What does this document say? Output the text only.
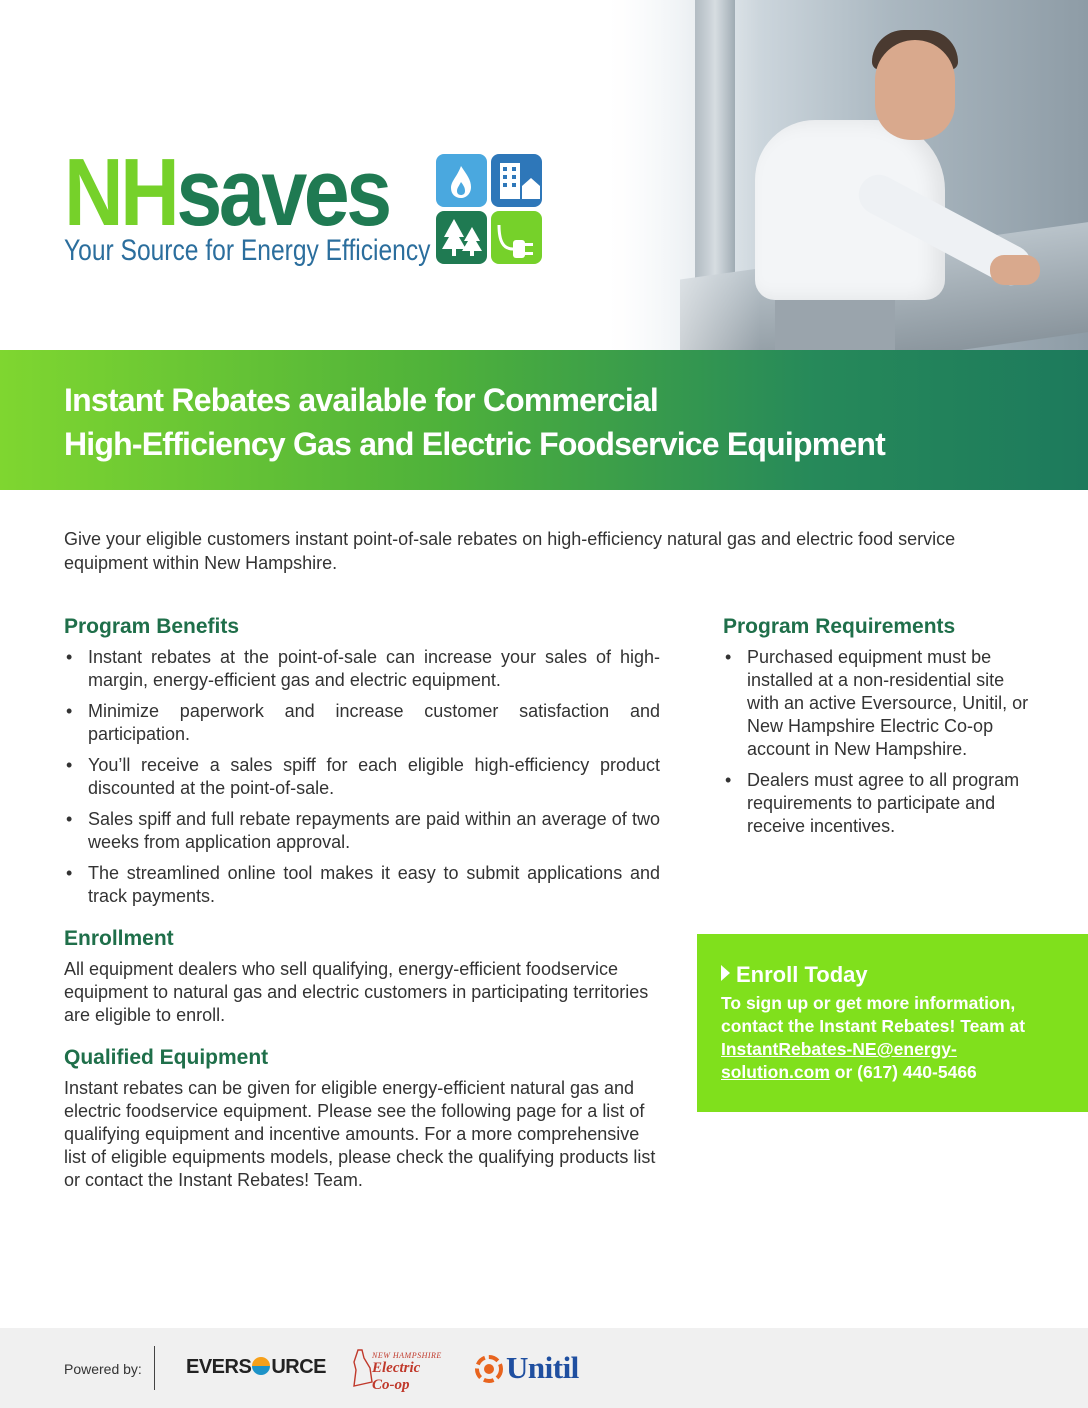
NHsaves
Your Source for Energy Efficiency
Instant Rebates available for Commercial
High-Efficiency Gas and Electric Foodservice Equipment
Give your eligible customers instant point-of-sale rebates on high-efficiency natural gas and electric food service equipment within New Hampshire.
Program Benefits
• Instant rebates at the point-of-sale can increase your sales of high-margin, energy-efficient gas and electric equipment.
• Minimize paperwork and increase customer satisfaction and participation.
• You’ll receive a sales spiff for each eligible high-efficiency product discounted at the point-of-sale.
• Sales spiff and full rebate repayments are paid within an average of two weeks from application approval.
• The streamlined online tool makes it easy to submit applications and track payments.
Enrollment

All equipment dealers who sell qualifying, energy-efficient foodservice equipment to natural gas and electric customers in participating territories are eligible to enroll.

Qualified Equipment

Instant rebates can be given for eligible energy-efficient natural gas and electric foodservice equipment. Please see the following page for a list of qualifying equipment and incentive amounts. For a more comprehensive list of eligible equipments models, please check the qualifying products list or contact the Instant Rebates! Team.

Program Requirements
• Purchased equipment must be installed at a non-residential site with an active Eversource, Unitil, or New Hampshire Electric Co-op account in New Hampshire.
• Dealers must agree to all program requirements to participate and receive incentives.
Enroll Today
To sign up or get more information, contact the Instant Rebates! Team at InstantRebates-NE@energy-solution.com or (617) 440-5466
Powered by: EVERS URCE
NEW HAMPSHIRE
Electric Co-op	Unitil
